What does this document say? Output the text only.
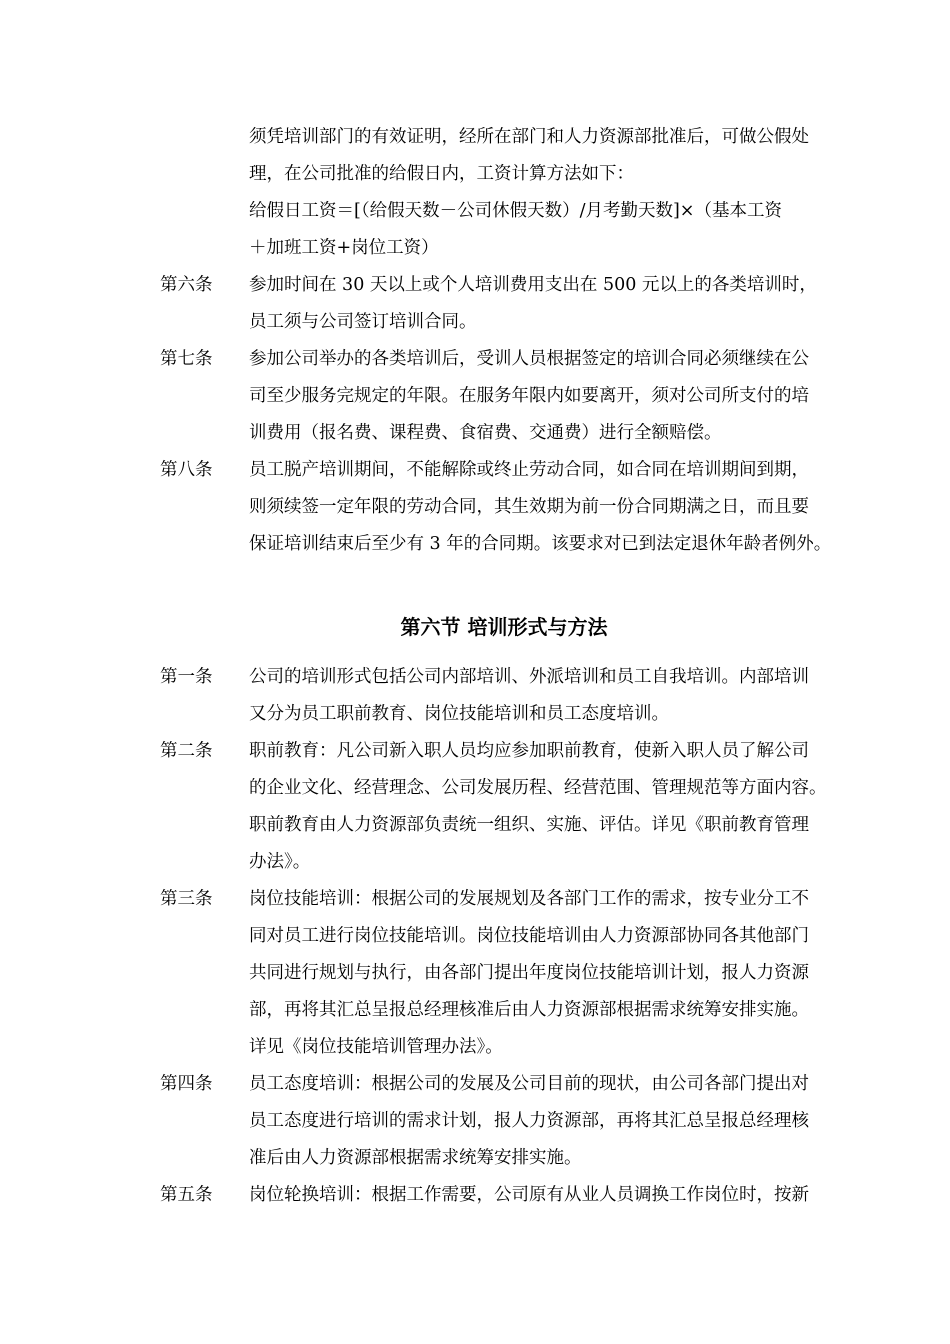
须凭培训部门的有效证明，经所在部门和人力资源部批准后，可做公假处
理，在公司批准的给假日内，工资计算方法如下：
给假日工资＝[（给假天数－公司休假天数）/月考勤天数]×（基本工资
＋加班工资+岗位工资）
第六条 参加时间在 30 天以上或个人培训费用支出在 500 元以上的各类培训时，
员工须与公司签订培训合同。
第七条 参加公司举办的各类培训后，受训人员根据签定的培训合同必须继续在公
司至少服务完规定的年限。在服务年限内如要离开，须对公司所支付的培
训费用（报名费、课程费、食宿费、交通费）进行全额赔偿。
第八条 员工脱产培训期间，不能解除或终止劳动合同，如合同在培训期间到期，
则须续签一定年限的劳动合同，其生效期为前一份合同期满之日，而且要
保证培训结束后至少有 3 年的合同期。该要求对已到法定退休年龄者例外。
第六节 培训形式与方法
第一条 公司的培训形式包括公司内部培训、外派培训和员工自我培训。内部培训
又分为员工职前教育、岗位技能培训和员工态度培训。
第二条 职前教育：凡公司新入职人员均应参加职前教育，使新入职人员了解公司
的企业文化、经营理念、公司发展历程、经营范围、管理规范等方面内容。
职前教育由人力资源部负责统一组织、实施、评估。详见《职前教育管理
办法》。
第三条 岗位技能培训：根据公司的发展规划及各部门工作的需求，按专业分工不
同对员工进行岗位技能培训。岗位技能培训由人力资源部协同各其他部门
共同进行规划与执行，由各部门提出年度岗位技能培训计划，报人力资源
部，再将其汇总呈报总经理核准后由人力资源部根据需求统筹安排实施。
详见《岗位技能培训管理办法》。
第四条 员工态度培训：根据公司的发展及公司目前的现状，由公司各部门提出对
员工态度进行培训的需求计划，报人力资源部，再将其汇总呈报总经理核
准后由人力资源部根据需求统筹安排实施。
第五条 岗位轮换培训：根据工作需要，公司原有从业人员调换工作岗位时，按新
